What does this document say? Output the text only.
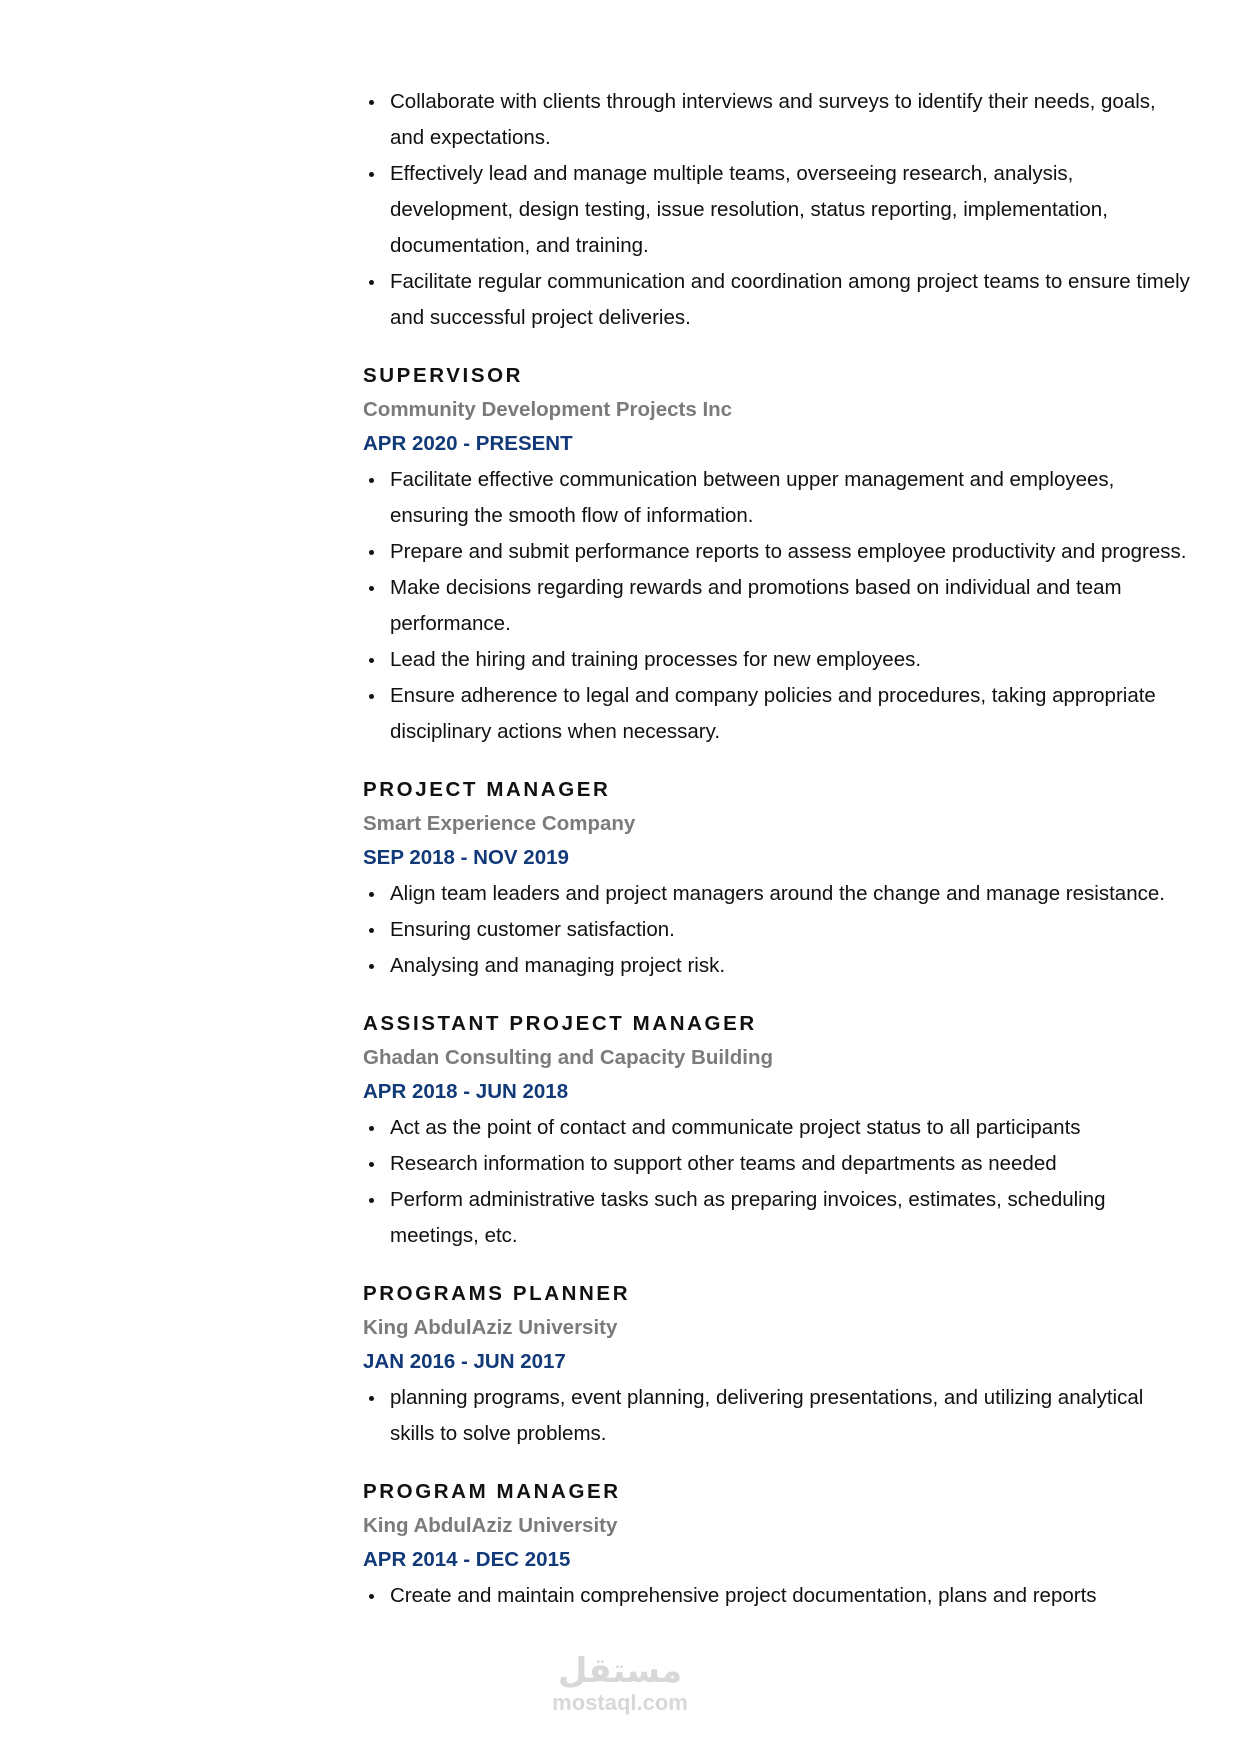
Collaborate with clients through interviews and surveys to identify their needs, goals, and expectations.
Effectively lead and manage multiple teams, overseeing research, analysis, development, design testing, issue resolution, status reporting, implementation, documentation, and training.
Facilitate regular communication and coordination among project teams to ensure timely and successful project deliveries.
SUPERVISOR
Community Development Projects Inc
APR 2020 - PRESENT
Facilitate effective communication between upper management and employees, ensuring the smooth flow of information.
Prepare and submit performance reports to assess employee productivity and progress.
Make decisions regarding rewards and promotions based on individual and team performance.
Lead the hiring and training processes for new employees.
Ensure adherence to legal and company policies and procedures, taking appropriate disciplinary actions when necessary.
PROJECT MANAGER
Smart Experience Company
SEP 2018 - NOV 2019
Align team leaders and project managers around the change and manage resistance.
Ensuring customer satisfaction.
Analysing and managing project risk.
ASSISTANT PROJECT MANAGER
Ghadan Consulting and Capacity Building
APR 2018 - JUN 2018
Act as the point of contact and communicate project status to all participants
Research information to support other teams and departments as needed
Perform administrative tasks such as preparing invoices, estimates, scheduling meetings, etc.
PROGRAMS PLANNER
King AbdulAziz University
JAN 2016 - JUN 2017
planning programs, event planning, delivering presentations, and utilizing analytical skills to solve problems.
PROGRAM MANAGER
King AbdulAziz University
APR 2014 - DEC 2015
Create and maintain comprehensive project documentation, plans and reports
مستقل
mostaql.com
